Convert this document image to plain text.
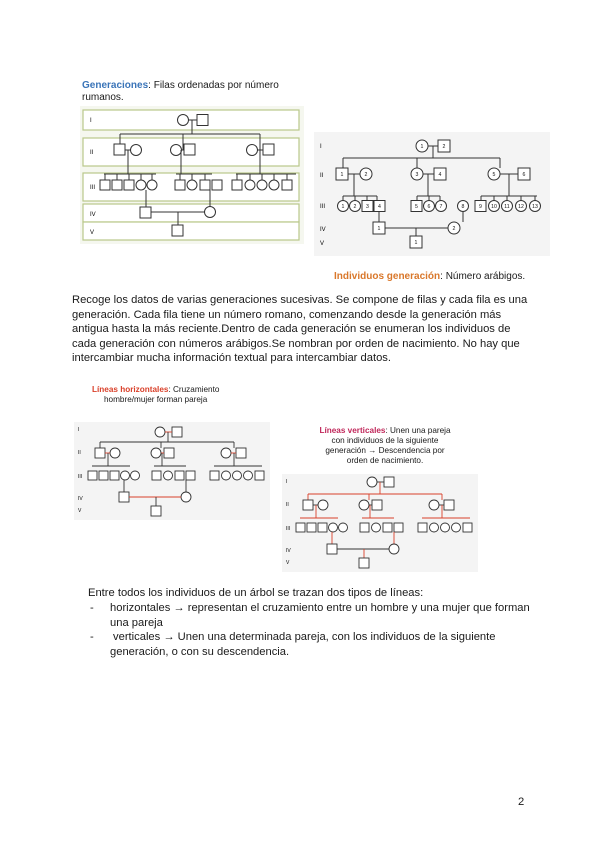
Generaciones: Filas ordenadas por número
rumanos.
I
II
III
IV
V
I
II
III
IV
V
1	2
1	2	3	4	5	6
1 2 3 4	5 6 7	8	9 10 11 12 13
1	2
1
Individuos generación: Número arábigos.

Recoge los datos de varias generaciones sucesivas. Se compone de filas y cada fila es una

generación. Cada fila tiene un número romano, comenzando desde la generación más

antigua hasta la más reciente.Dentro de cada generación se enumeran los individuos de

cada generación con números arábigos.Se nombran por orden de nacimiento. No hay que

intercambiar mucha información textual para intercambiar datos.

Líneas horizontales: Cruzamiento
hombre/mujer forman pareja
I
II
III
IV
V
Líneas verticales: Unen una pareja
con individuos de la siguiente
generación → Descendencia por
orden de nacimiento.
I
II
III
IV
V

Entre todos los individuos de un árbol se trazan dos tipos de líneas:

- horizontales → representan el cruzamiento entre un hombre y una mujer que forman
una pareja
- verticales → Unen una determinada pareja, con los individuos de la siguiente
generación, o con su descendencia.
2
